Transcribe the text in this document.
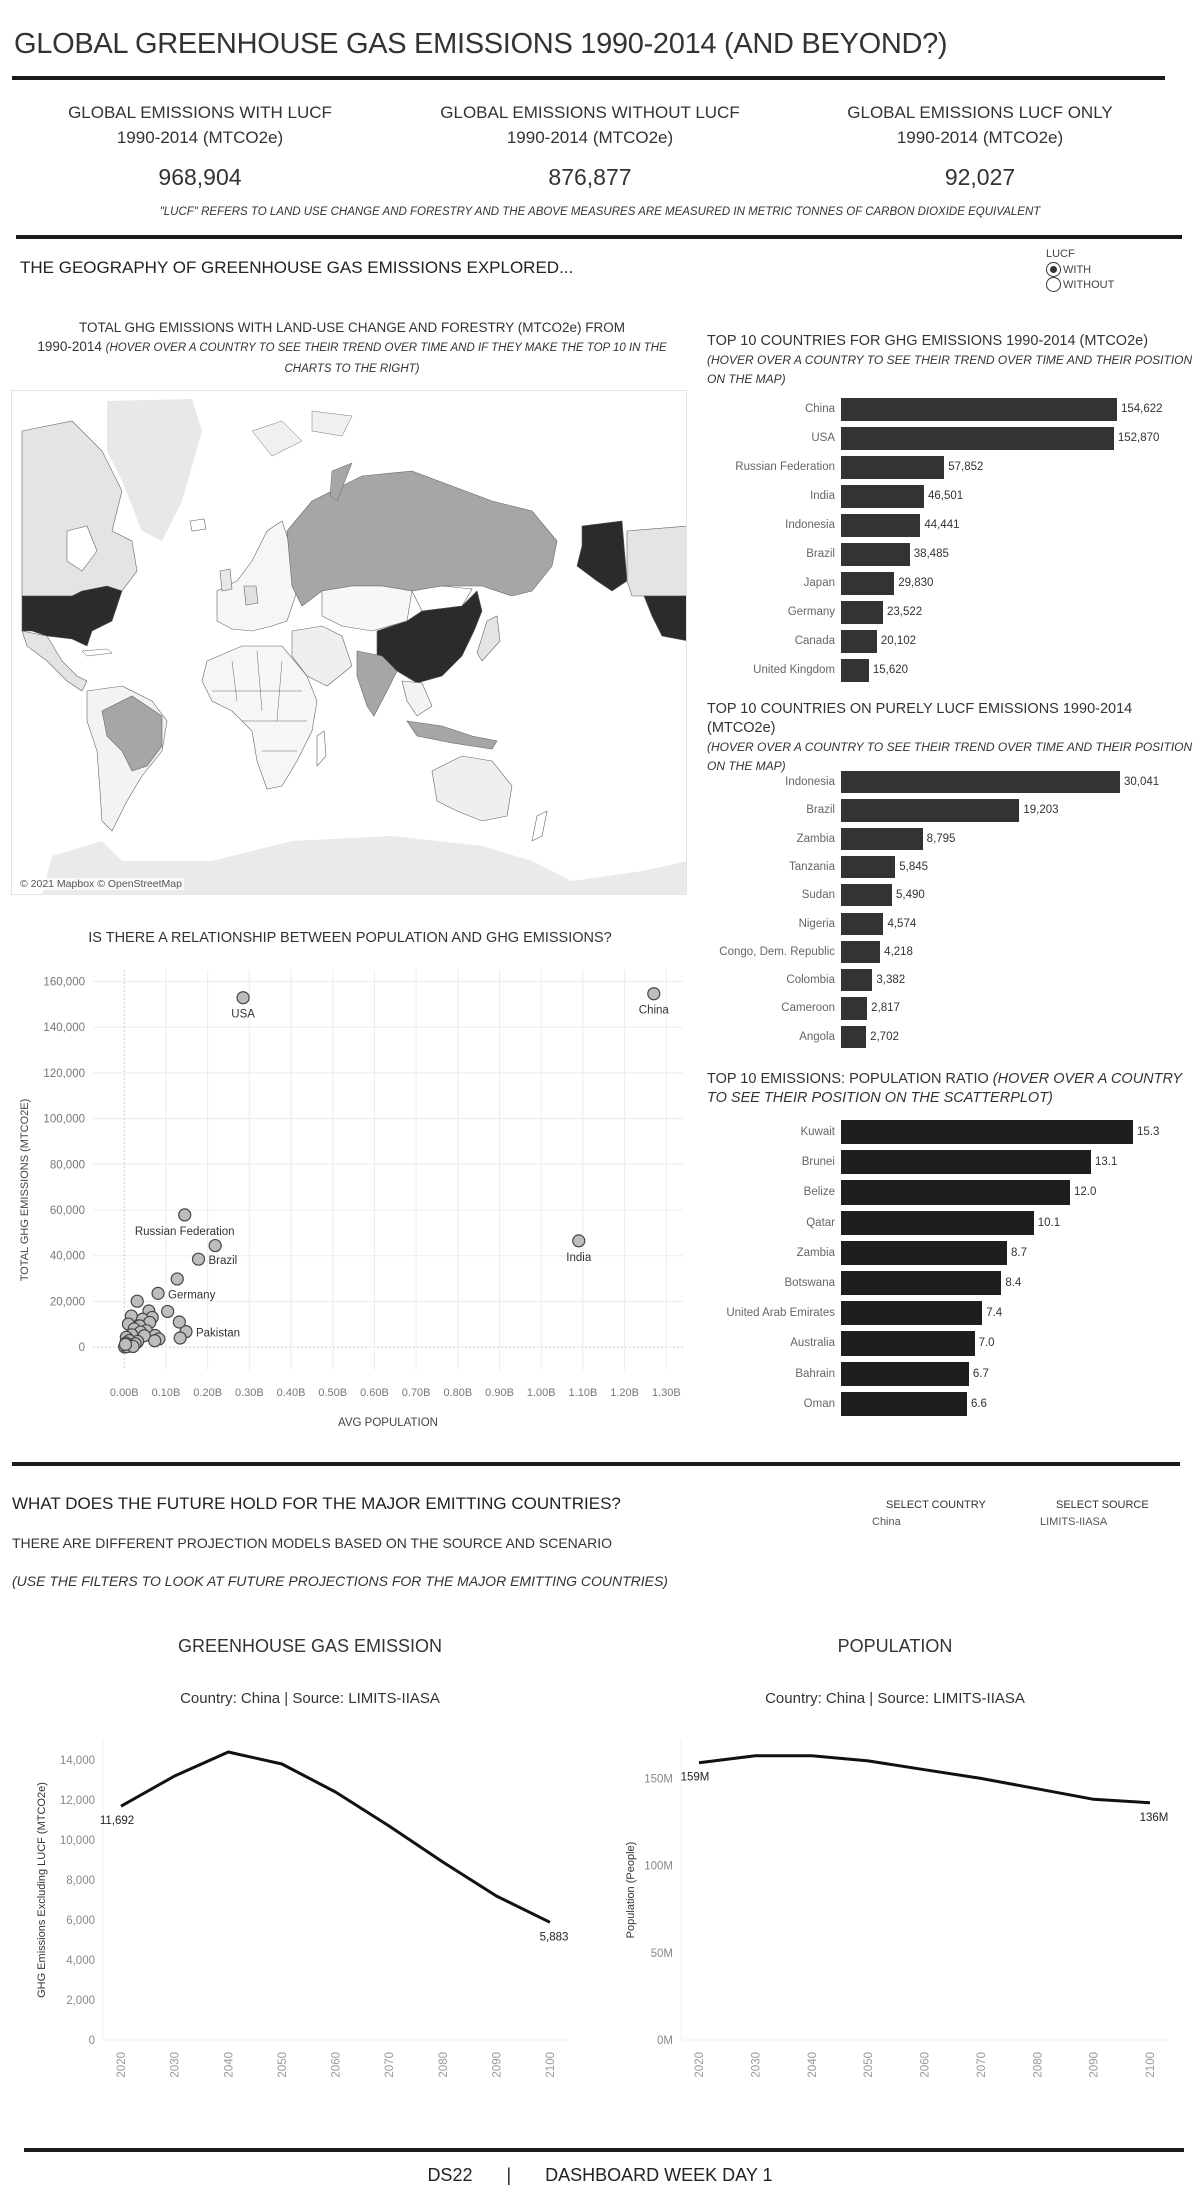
GLOBAL GREENHOUSE GAS EMISSIONS 1990-2014 (AND BEYOND?)
GLOBAL EMISSIONS WITH LUCF
1990-2014 (MTCO2e)
968,904
GLOBAL EMISSIONS WITHOUT LUCF
1990-2014 (MTCO2e)
876,877
GLOBAL EMISSIONS LUCF ONLY
1990-2014 (MTCO2e)
92,027
"LUCF" REFERS TO LAND USE CHANGE AND FORESTRY AND THE ABOVE MEASURES ARE MEASURED IN METRIC TONNES OF CARBON DIOXIDE EQUIVALENT
THE GEOGRAPHY OF GREENHOUSE GAS EMISSIONS EXPLORED...
LUCF
WITH
WITHOUT
TOTAL GHG EMISSIONS WITH LAND-USE CHANGE AND FORESTRY (MTCO2e) FROM
1990-2014 (HOVER OVER A COUNTRY TO SEE THEIR TREND OVER TIME AND IF THEY MAKE THE TOP 10 IN THE CHARTS TO THE RIGHT)
© 2021 Mapbox © OpenStreetMap
TOP 10 COUNTRIES FOR GHG EMISSIONS 1990-2014 (MTCO2e)
(HOVER OVER A COUNTRY TO SEE THEIR TREND OVER TIME AND THEIR POSITION ON THE MAP)
China	154,622
USA	152,870
Russian Federation	57,852
India	46,501
Indonesia	44,441
Brazil	38,485
Japan	29,830
Germany	23,522
Canada	20,102
United Kingdom	15,620
TOP 10 COUNTRIES ON PURELY LUCF EMISSIONS 1990-2014 (MTCO2e)
(HOVER OVER A COUNTRY TO SEE THEIR TREND OVER TIME AND THEIR POSITION ON THE MAP)
Indonesia	30,041
Brazil	19,203
Zambia	8,795
Tanzania	5,845
Sudan	5,490
Nigeria	4,574
Congo, Dem. Republic	4,218
Colombia	3,382
Cameroon	2,817
Angola	2,702
TOP 10 EMISSIONS: POPULATION RATIO (HOVER OVER A COUNTRY TO SEE THEIR POSITION ON THE SCATTERPLOT)
Kuwait	15.3
Brunei	13.1
Belize	12.0
Qatar	10.1
Zambia	8.7
Botswana	8.4
United Arab Emirates	7.4
Australia	7.0
Bahrain	6.7
Oman	6.6
IS THERE A RELATIONSHIP BETWEEN POPULATION AND GHG EMISSIONS?
0
20,000
40,000
60,000
80,000
100,000
120,000
140,000
160,000
0.00B 0.10B 0.20B 0.30B 0.40B 0.50B 0.60B 0.70B 0.80B 0.90B 1.00B 1.10B 1.20B 1.30B
AVG POPULATION
TOTAL GHG EMISSIONS (MTCO2E)
China
USA
Russian Federation
India
Brazil
Germany
Pakistan
WHAT DOES THE FUTURE HOLD FOR THE MAJOR EMITTING COUNTRIES?
THERE ARE DIFFERENT PROJECTION MODELS BASED ON THE SOURCE AND SCENARIO
(USE THE FILTERS TO LOOK AT FUTURE PROJECTIONS FOR THE MAJOR EMITTING COUNTRIES)
SELECT COUNTRY
China
SELECT SOURCE
LIMITS-IIASA
GREENHOUSE GAS EMISSION
Country: China | Source: LIMITS-IIASA
0
2,000
4,000
6,000
8,000
10,000
12,000
14,000
2020	2030	2040	2050	2060	2070	2080	2090	2100
GHG Emissions Excluding LUCF (MTCO2e)	11,692
5,883
POPULATION
Country: China | Source: LIMITS-IIASA
0M
50M
100M
150M
2020	2030	2040	2050	2060	2070	2080	2090	2100
Population (People)
159M
136M
DS22 | DASHBOARD WEEK DAY 1
